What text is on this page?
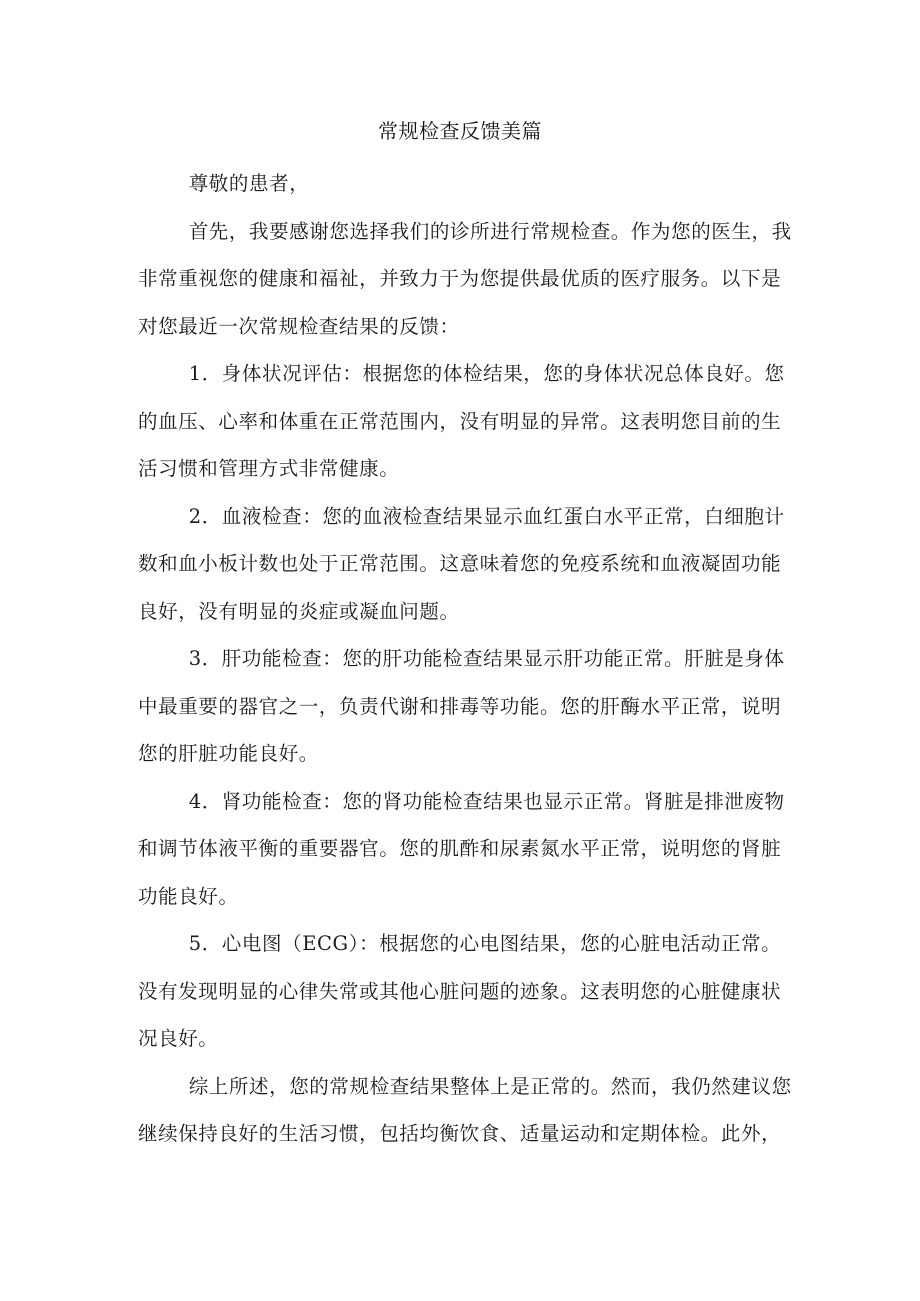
常规检查反馈美篇

尊敬的患者，

首先，我要感谢您选择我们的诊所进行常规检查。作为您的医生，我非常重视您的健康和福祉，并致力于为您提供最优质的医疗服务。以下是对您最近一次常规检查结果的反馈：

1．身体状况评估：根据您的体检结果，您的身体状况总体良好。您的血压、心率和体重在正常范围内，没有明显的异常。这表明您目前的生活习惯和管理方式非常健康。

2．血液检查：您的血液检查结果显示血红蛋白水平正常，白细胞计数和血小板计数也处于正常范围。这意味着您的免疫系统和血液凝固功能良好，没有明显的炎症或凝血问题。

3．肝功能检查：您的肝功能检查结果显示肝功能正常。肝脏是身体中最重要的器官之一，负责代谢和排毒等功能。您的肝酶水平正常，说明您的肝脏功能良好。

4．肾功能检查：您的肾功能检查结果也显示正常。肾脏是排泄废物和调节体液平衡的重要器官。您的肌酢和尿素氮水平正常，说明您的肾脏功能良好。

5．心电图（ECG）：根据您的心电图结果，您的心脏电活动正常。没有发现明显的心律失常或其他心脏问题的迹象。这表明您的心脏健康状况良好。

综上所述，您的常规检查结果整体上是正常的。然而，我仍然建议您继续保持良好的生活习惯，包括均衡饮食、适量运动和定期体检。此外，
